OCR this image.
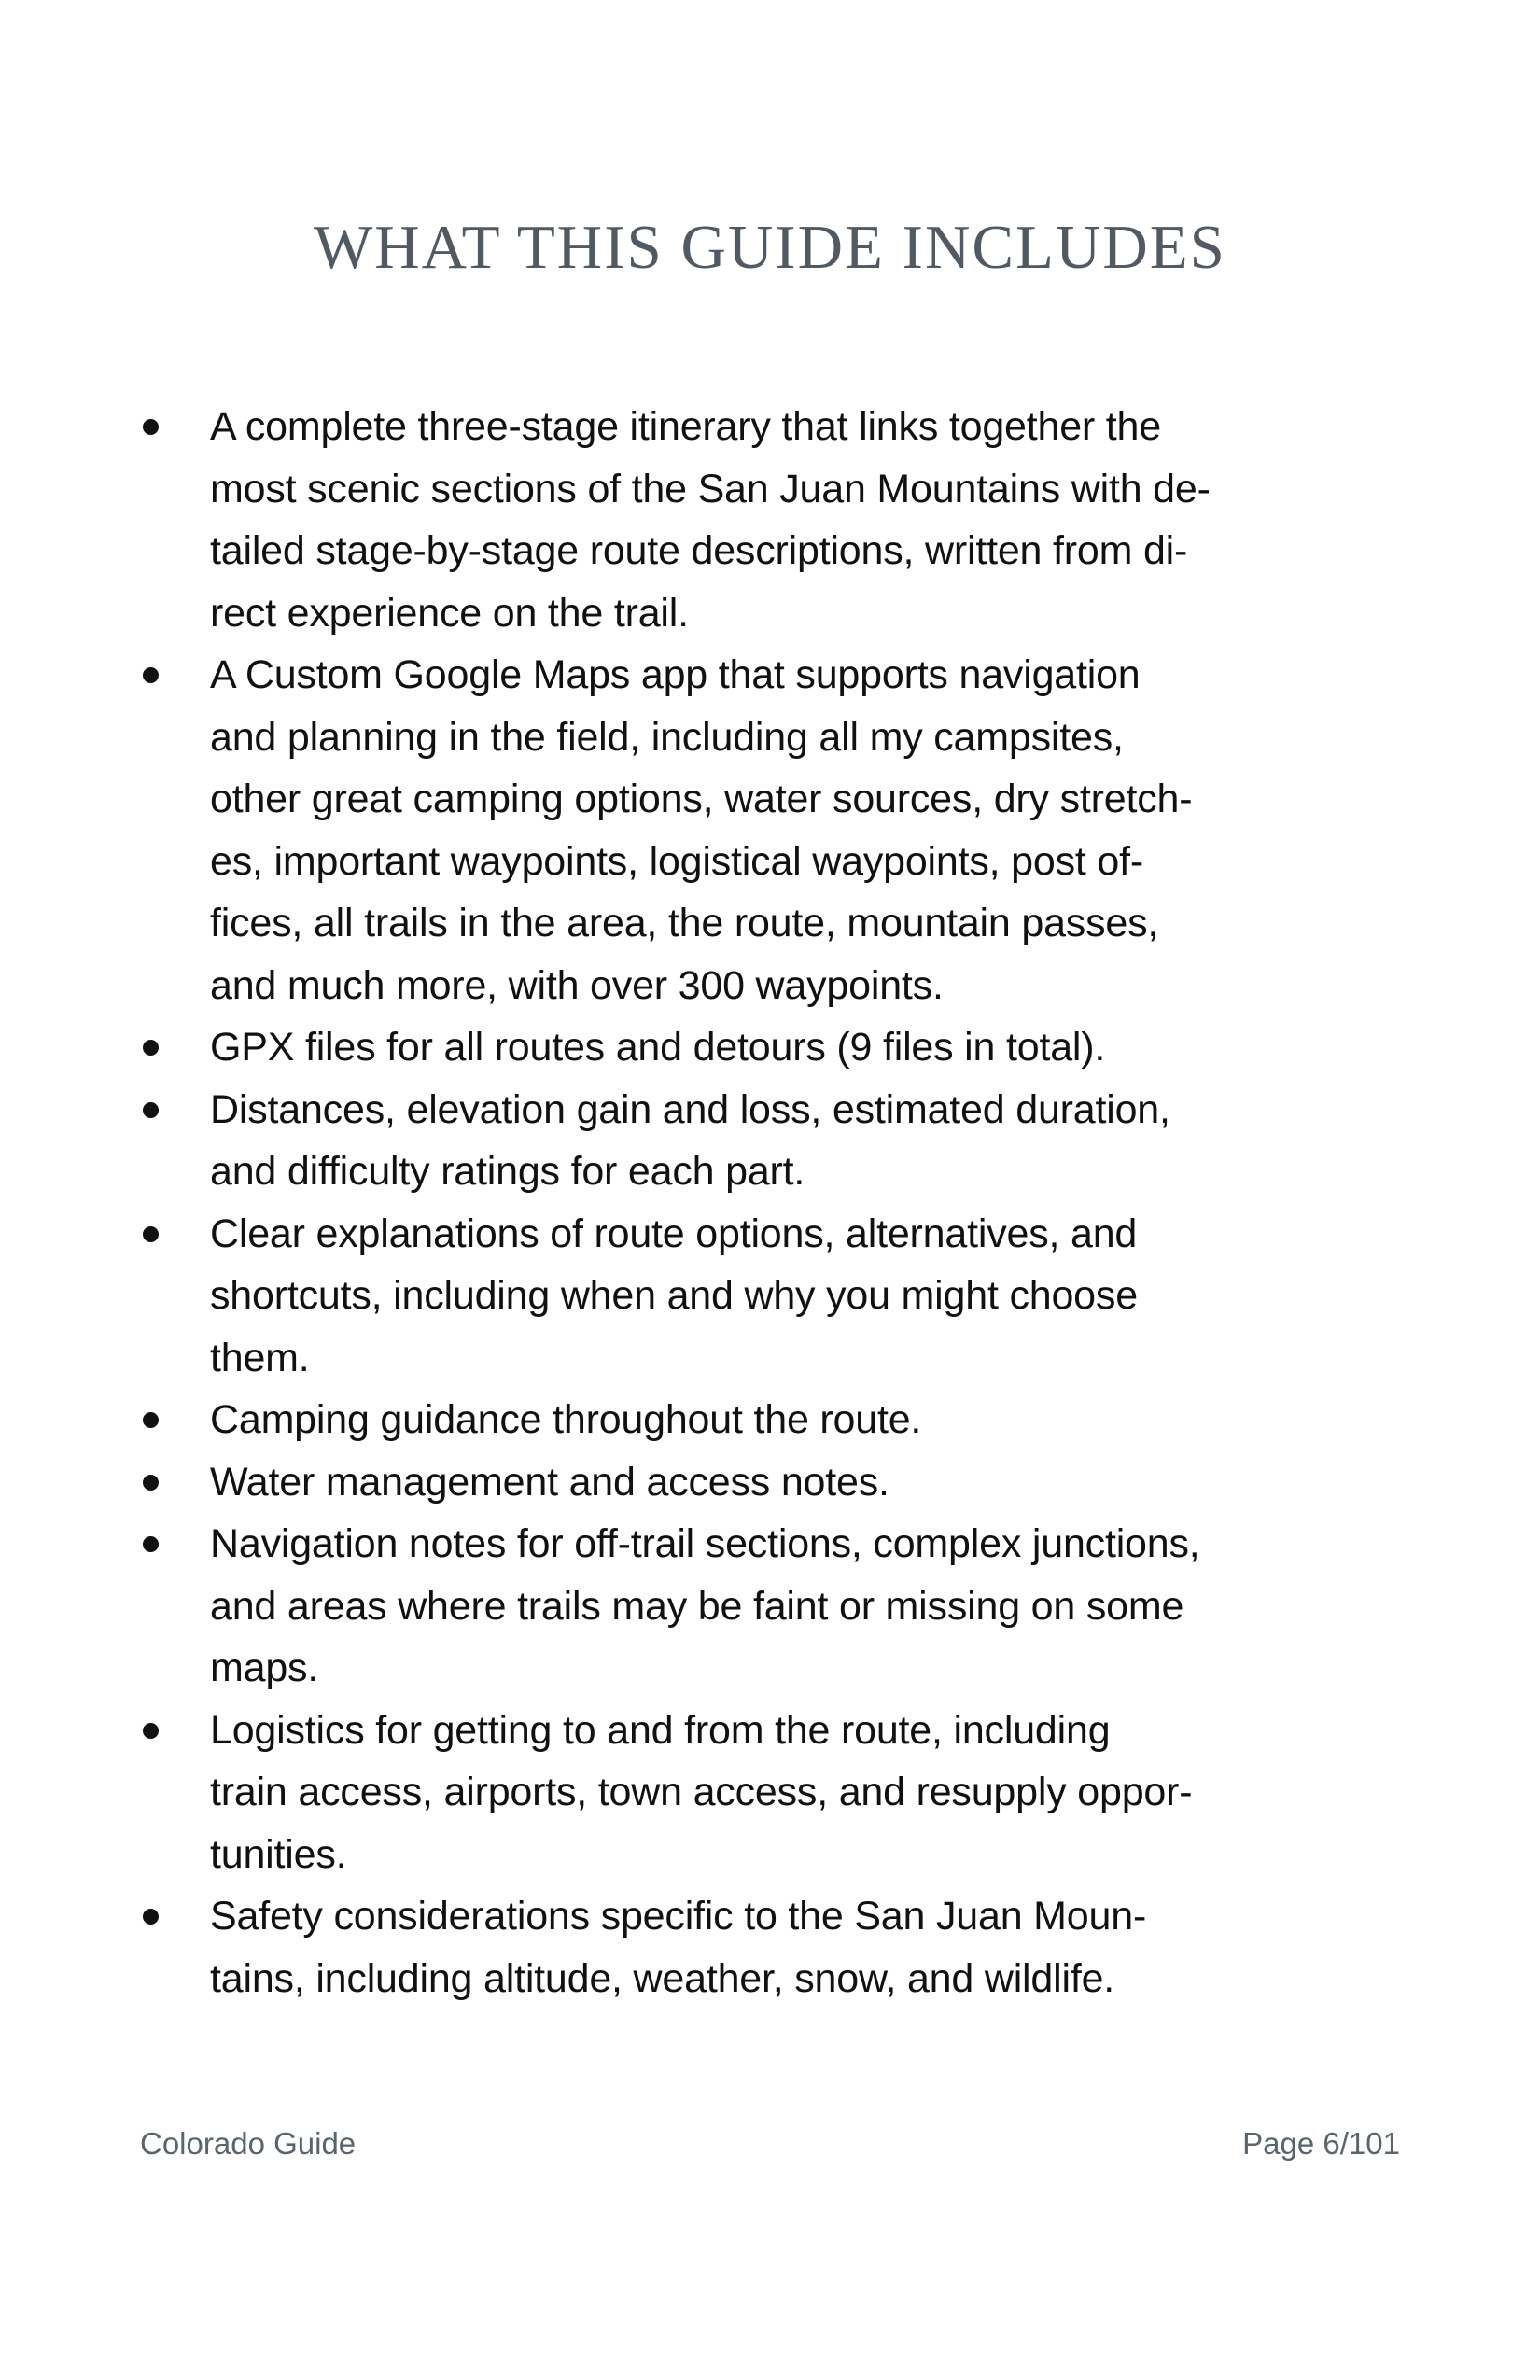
WHAT THIS GUIDE INCLUDES
A complete three-stage itinerary that links together the
most scenic sections of the San Juan Mountains with de-
tailed stage-by-stage route descriptions, written from di-
rect experience on the trail.
A Custom Google Maps app that supports navigation
and planning in the field, including all my campsites,
other great camping options, water sources, dry stretch-
es, important waypoints, logistical waypoints, post of-
fices, all trails in the area, the route, mountain passes,
and much more, with over 300 waypoints.
GPX files for all routes and detours (9 files in total).
Distances, elevation gain and loss, estimated duration,
and difficulty ratings for each part.
Clear explanations of route options, alternatives, and
shortcuts, including when and why you might choose
them.
Camping guidance throughout the route.
Water management and access notes.
Navigation notes for off-trail sections, complex junctions,
and areas where trails may be faint or missing on some
maps.
Logistics for getting to and from the route, including
train access, airports, town access, and resupply oppor-
tunities.
Safety considerations specific to the San Juan Moun-
tains, including altitude, weather, snow, and wildlife.
Colorado Guide	Page 6/101
